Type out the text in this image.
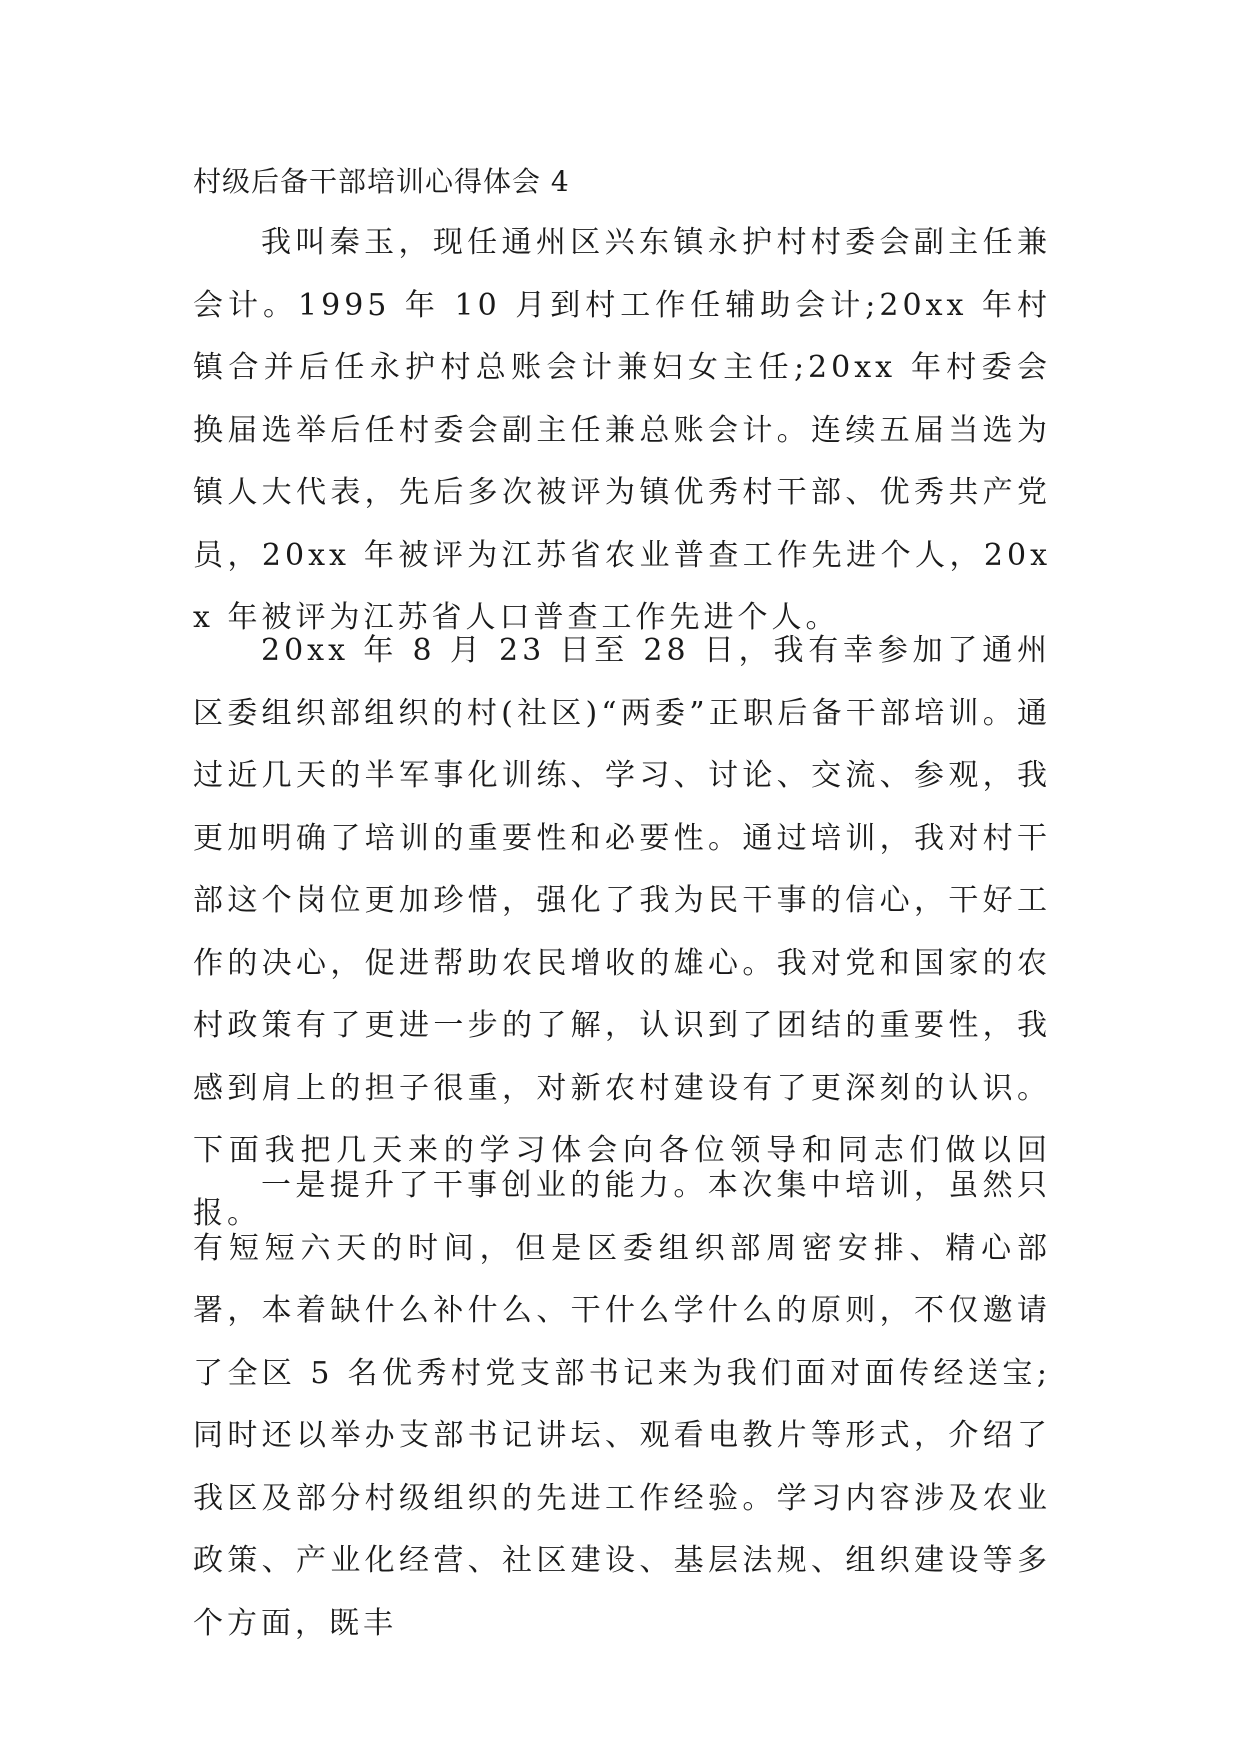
村级后备干部培训心得体会 4

我叫秦玉，现任通州区兴东镇永护村村委会副主任兼会计。1995 年 10 月到村工作任辅助会计;20xx 年村镇合并后任永护村总账会计兼妇女主任;20xx 年村委会换届选举后任村委会副主任兼总账会计。连续五届当选为镇人大代表，先后多次被评为镇优秀村干部、优秀共产党员，20xx 年被评为江苏省农业普查工作先进个人，20xx 年被评为江苏省人口普查工作先进个人。

20xx 年 8 月 23 日至 28 日，我有幸参加了通州区委组织部组织的村(社区)“两委”正职后备干部培训。通过近几天的半军事化训练、学习、讨论、交流、参观，我更加明确了培训的重要性和必要性。通过培训，我对村干部这个岗位更加珍惜，强化了我为民干事的信心，干好工作的决心，促进帮助农民增收的雄心。我对党和国家的农村政策有了更进一步的了解，认识到了团结的重要性，我感到肩上的担子很重，对新农村建设有了更深刻的认识。下面我把几天来的学习体会向各位领导和同志们做以回报。

一是提升了干事创业的能力。本次集中培训，虽然只有短短六天的时间，但是区委组织部周密安排、精心部署，本着缺什么补什么、干什么学什么的原则，不仅邀请了全区 5 名优秀村党支部书记来为我们面对面传经送宝;同时还以举办支部书记讲坛、观看电教片等形式，介绍了我区及部分村级组织的先进工作经验。学习内容涉及农业政策、产业化经营、社区建设、基层法规、组织建设等多个方面，既丰
